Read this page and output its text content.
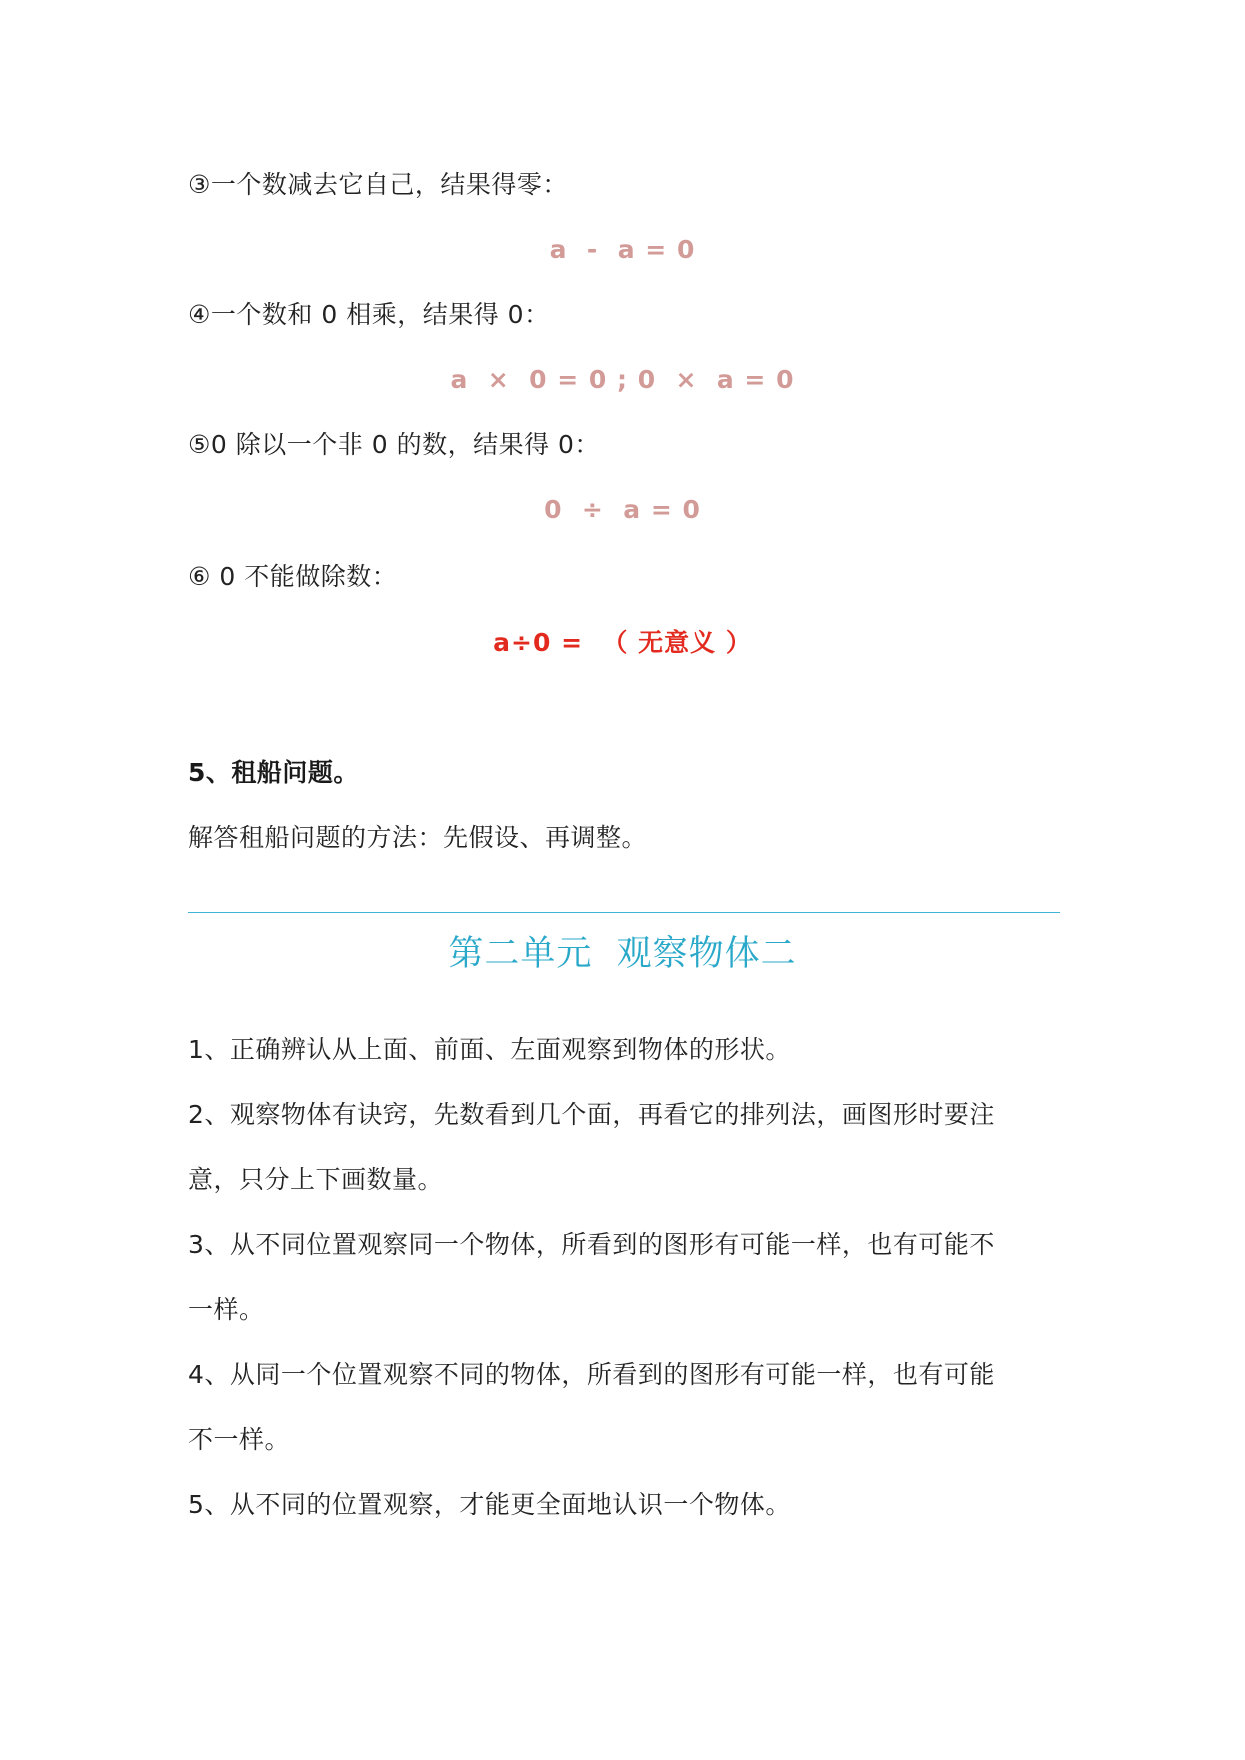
③一个数减去它自己，结果得零：
a  -  a = 0
④一个数和 0 相乘，结果得 0：
a  ×  0 = 0 ; 0  ×  a = 0
⑤0 除以一个非 0 的数，结果得 0：
0  ÷  a = 0
⑥ 0 不能做除数：
a÷0 =  （ 无意义 ）
5、租船问题。
解答租船问题的方法：先假设、再调整。
第二单元  观察物体二
1、正确辨认从上面、前面、左面观察到物体的形状。
2、观察物体有诀窍，先数看到几个面，再看它的排列法，画图形时要注
意，只分上下画数量。
3、从不同位置观察同一个物体，所看到的图形有可能一样，也有可能不
一样。
4、从同一个位置观察不同的物体，所看到的图形有可能一样，也有可能
不一样。
5、从不同的位置观察，才能更全面地认识一个物体。
